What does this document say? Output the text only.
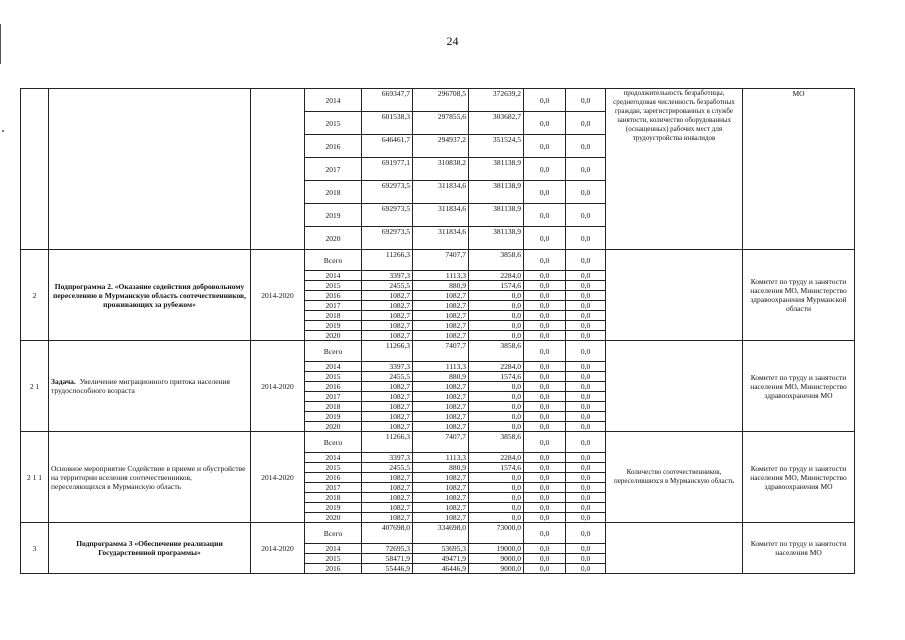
24
			2014	669347,7	296708,5	372639,2	0,0	0,0	продолжительность безработицы, среднегодовая численность безработных граждан, зарегистрированных в службе занятости, количество оборудованных (оснащенных) рабочих мест для трудоустройства инвалидов	МО
			2015	601538,3	297855,6	303682,7	0,0	0,0		
			2016	646461,7	294937,2	351524,5	0,0	0,0		
			2017	691977,1	310838,2	381138,9	0,0	0,0		
			2018	692973,5	311834,6	381138,9	0,0	0,0		
			2019	692973,5	311834,6	381138,9	0,0	0,0		
			2020	692973,5	311834,6	381138,9	0,0	0,0		
2	Подпрограмма 2. «Оказание содействия добровольному переселению в Мурманскую область соотечественников, проживающих за рубежом»	2014-2020	Всего	11266,3	7407,7	3858,6	0,0	0,0		Комитет по труду и занятости населения МО, Министерство здравоохранения Мурманской области
			2014	3397,3	1113,3	2284,0	0,0	0,0		
			2015	2455,5	880,9	1574,6	0,0	0,0		
			2016	1082,7	1082,7	0,0	0,0	0,0		
			2017	1082,7	1082,7	0,0	0,0	0,0		
			2018	1082,7	1082,7	0,0	0,0	0,0		
			2019	1082,7	1082,7	0,0	0,0	0,0		
			2020	1082,7	1082,7	0,0	0,0	0,0		
2 1	Задача. Увеличение миграционного притока населения трудоспособного возраста	2014-2020	Всего	11266,3	7407,7	3858,6	0,0	0,0		Комитет по труду и занятости населения МО, Министерство здравоохранения МО
			2014	3397,3	1113,3	2284,0	0,0	0,0		
			2015	2455,5	880,9	1574,6	0,0	0,0		
			2016	1082,7	1082,7	0,0	0,0	0,0		
			2017	1082,7	1082,7	0,0	0,0	0,0		
			2018	1082,7	1082,7	0,0	0,0	0,0		
			2019	1082,7	1082,7	0,0	0,0	0,0		
			2020	1082,7	1082,7	0,0	0,0	0,0		
2 1 1	Основное мероприятие Содействие в приеме и обустройстве на территории вселения соотечественников, переселяющихся в Мурманскую область	2014-2020	Всего	11266,3	7407,7	3858,6	0,0	0,0	Количество соотечественников, переселившихся в Мурманскую область	Комитет по труду и занятости населения МО, Министерство здравоохранения МО
			2014	3397,3	1113,3	2284,0	0,0	0,0		
			2015	2455,5	880,9	1574,6	0,0	0,0		
			2016	1082,7	1082,7	0,0	0,0	0,0		
			2017	1082,7	1082,7	0,0	0,0	0,0		
			2018	1082,7	1082,7	0,0	0,0	0,0		
			2019	1082,7	1082,7	0,0	0,0	0,0		
			2020	1082,7	1082,7	0,0	0,0	0,0		
3	Подпрограмма 3 «Обеспечение реализации Государственной программы»	2014-2020	Всего	407698,0	334698,0	73000,0	0,0	0,0		Комитет по труду и занятости населения МО
			2014	72695,3	53695,3	19000,0	0,0	0,0		
			2015	58471,9	49471,9	9000,0	0,0	0,0		
			2016	55446,9	46446,9	9000,0	0,0	0,0		
